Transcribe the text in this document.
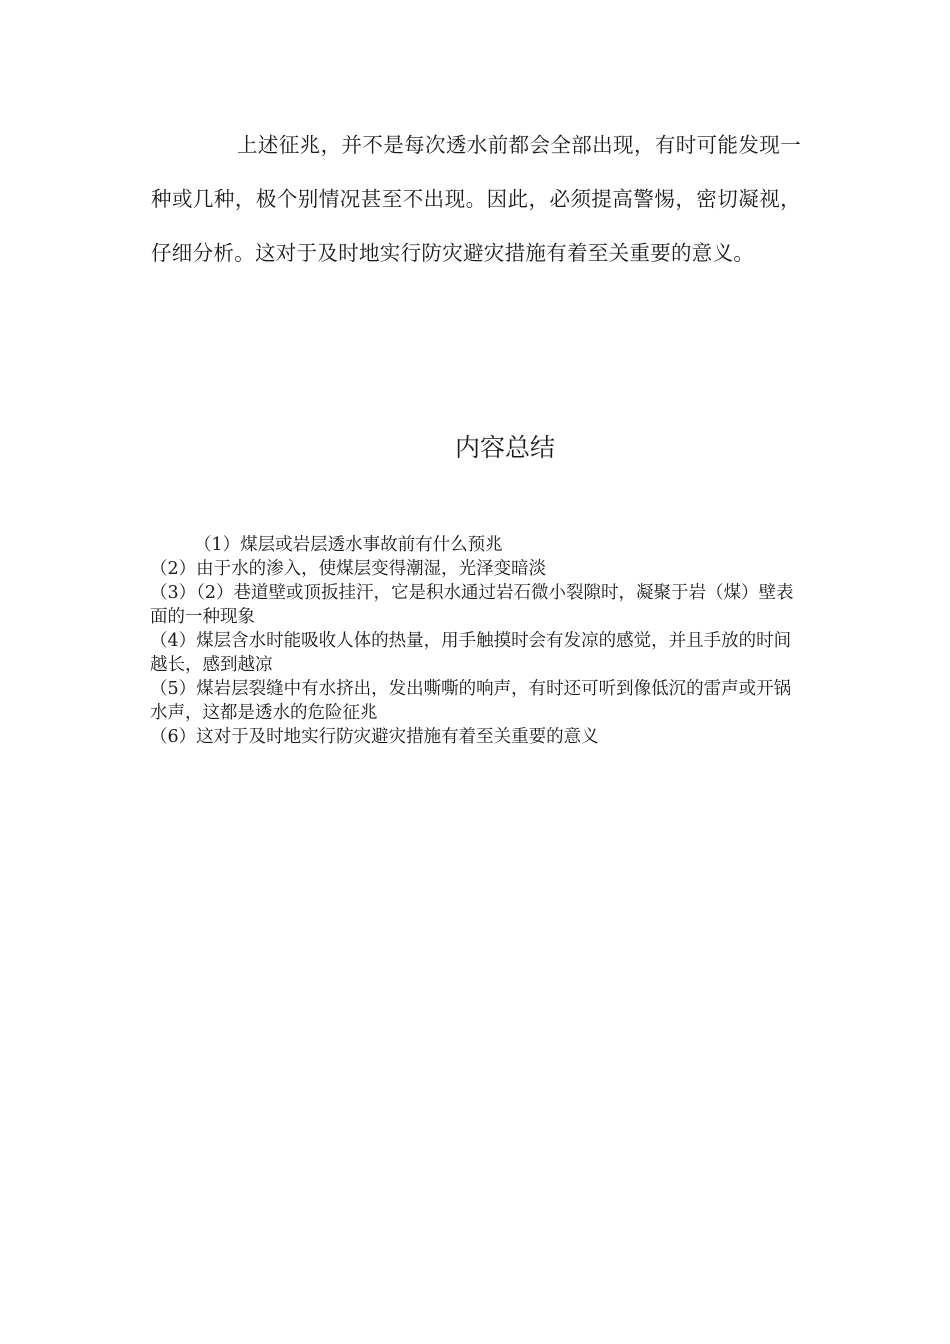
上述征兆，并不是每次透水前都会全部出现，有时可能发现一种或几种，极个别情况甚至不出现。因此，必须提高警惕，密切凝视，仔细分析。这对于及时地实行防灾避灾措施有着至关重要的意义。

内容总结
（1）煤层或岩层透水事故前有什么预兆
（2）由于水的渗入，使煤层变得潮湿，光泽变暗淡
（3）（2）巷道壁或顶扳挂汗，它是积水通过岩石微小裂隙时，凝聚于岩（煤）壁表面的一种现象
（4）煤层含水时能吸收人体的热量，用手触摸时会有发凉的感觉，并且手放的时间越长，感到越凉
（5）煤岩层裂缝中有水挤出，发出嘶嘶的响声，有时还可听到像低沉的雷声或开锅水声，这都是透水的危险征兆
（6）这对于及时地实行防灾避灾措施有着至关重要的意义
